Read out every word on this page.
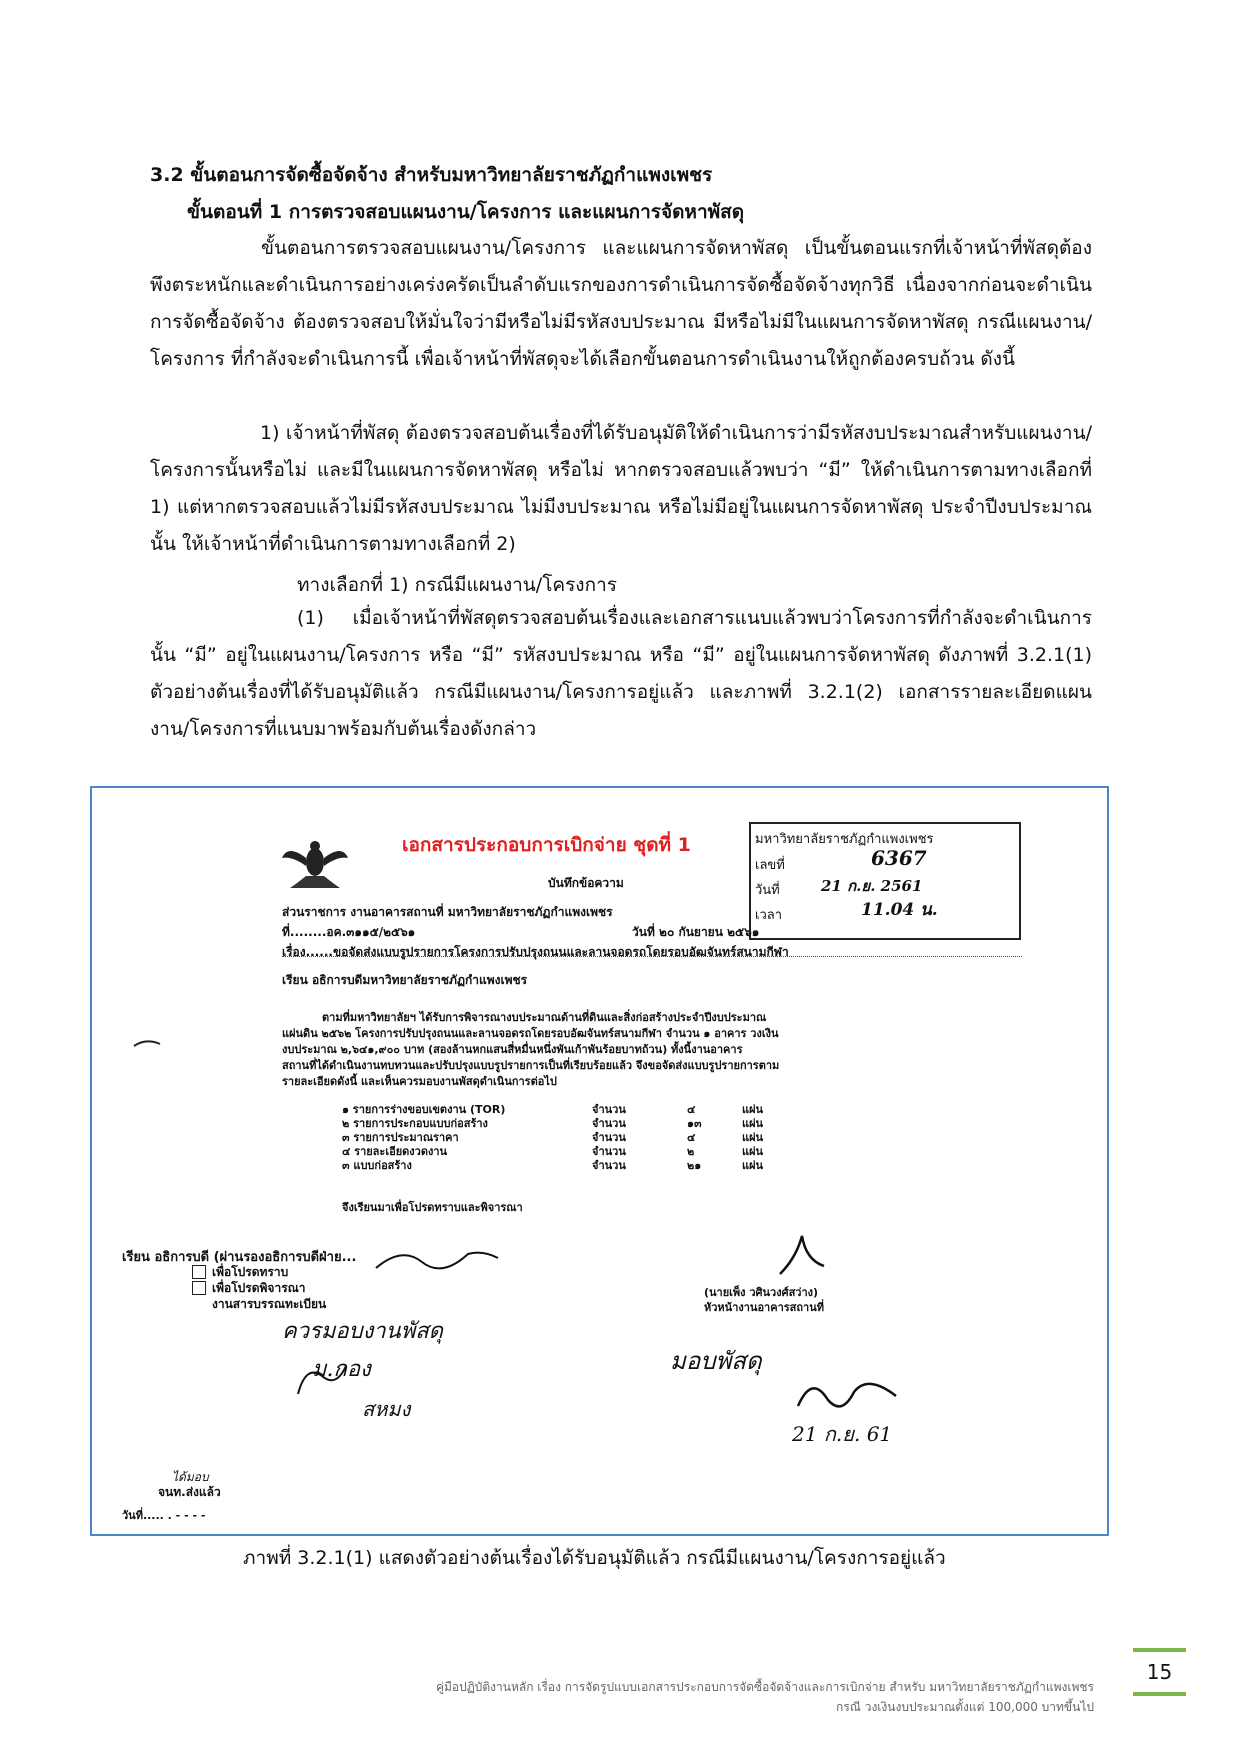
3.2 ขั้นตอนการจัดซื้อจัดจ้าง สำหรับมหาวิทยาลัยราชภัฏกำแพงเพชร
ขั้นตอนที่ 1 การตรวจสอบแผนงาน/โครงการ และแผนการจัดหาพัสดุ
ขั้นตอนการตรวจสอบแผนงาน/โครงการ และแผนการจัดหาพัสดุ เป็นขั้นตอนแรกที่เจ้าหน้าที่พัสดุต้องพึงตระหนักและดำเนินการอย่างเคร่งครัดเป็นลำดับแรกของการดำเนินการจัดซื้อจัดจ้างทุกวิธี เนื่องจากก่อนจะดำเนินการจัดซื้อจัดจ้าง ต้องตรวจสอบให้มั่นใจว่ามีหรือไม่มีรหัสงบประมาณ มีหรือไม่มีในแผนการจัดหาพัสดุ กรณีแผนงาน/โครงการ ที่กำลังจะดำเนินการนี้ เพื่อเจ้าหน้าที่พัสดุจะได้เลือกขั้นตอนการดำเนินงานให้ถูกต้องครบถ้วน ดังนี้
1) เจ้าหน้าที่พัสดุ ต้องตรวจสอบต้นเรื่องที่ได้รับอนุมัติให้ดำเนินการว่ามีรหัสงบประมาณสำหรับแผนงาน/โครงการนั้นหรือไม่ และมีในแผนการจัดหาพัสดุ หรือไม่ หากตรวจสอบแล้วพบว่า “มี” ให้ดำเนินการตามทางเลือกที่ 1) แต่หากตรวจสอบแล้วไม่มีรหัสงบประมาณ ไม่มีงบประมาณ หรือไม่มีอยู่ในแผนการจัดหาพัสดุ ประจำปีงบประมาณนั้น ให้เจ้าหน้าที่ดำเนินการตามทางเลือกที่ 2)
ทางเลือกที่ 1) กรณีมีแผนงาน/โครงการ
(1) เมื่อเจ้าหน้าที่พัสดุตรวจสอบต้นเรื่องและเอกสารแนบแล้วพบว่าโครงการที่กำลังจะดำเนินการนั้น “มี” อยู่ในแผนงาน/โครงการ หรือ “มี” รหัสงบประมาณ หรือ “มี” อยู่ในแผนการจัดหาพัสดุ ดังภาพที่ 3.2.1(1) ตัวอย่างต้นเรื่องที่ได้รับอนุมัติแล้ว กรณีมีแผนงาน/โครงการอยู่แล้ว และภาพที่ 3.2.1(2) เอกสารรายละเอียดแผนงาน/โครงการที่แนบมาพร้อมกับต้นเรื่องดังกล่าว
เอกสารประกอบการเบิกจ่าย ชุดที่ 1
บันทึกข้อความ
มหาวิทยาลัยราชภัฏกำแพงเพชร
เลขที่	6367
วันที่	21 ก.ย. 2561
เวลา	11.04 น.
ส่วนราชการ งานอาคารสถานที่ มหาวิทยาลัยราชภัฏกำแพงเพชร
ที่........อค.๓๑๑๕/๒๕๖๑	วันที่ ๒๐ กันยายน ๒๕๖๑
เรื่อง......ขอจัดส่งแบบรูปรายการโครงการปรับปรุงถนนและลานจอดรถโดยรอบอัฒจันทร์สนามกีฬา
เรียน อธิการบดีมหาวิทยาลัยราชภัฏกำแพงเพชร
ตามที่มหาวิทยาลัยฯ ได้รับการพิจารณางบประมาณด้านที่ดินและสิ่งก่อสร้างประจำปีงบประมาณ
แผ่นดิน ๒๕๖๒ โครงการปรับปรุงถนนและลานจอดรถโดยรอบอัฒจันทร์สนามกีฬา จำนวน ๑ อาคาร วงเงิน
งบประมาณ ๒,๖๔๑,๙๐๐ บาท (สองล้านหกแสนสี่หมื่นหนึ่งพันเก้าพันร้อยบาทถ้วน) ทั้งนี้งานอาคาร
สถานที่ได้ดำเนินงานทบทวนและปรับปรุงแบบรูปรายการเป็นที่เรียบร้อยแล้ว จึงขอจัดส่งแบบรูปรายการตาม
รายละเอียดดังนี้ และเห็นควรมอบงานพัสดุดำเนินการต่อไป
๑ รายการร่างขอบเขตงาน (TOR)	จำนวน	๔	แผ่น
๒ รายการประกอบแบบก่อสร้าง	จำนวน	๑๓	แผ่น
๓ รายการประมาณราคา	จำนวน	๔	แผ่น
๔ รายละเอียดงวดงาน	จำนวน	๒	แผ่น
๓ แบบก่อสร้าง	จำนวน	๒๑	แผ่น
จึงเรียนมาเพื่อโปรดทราบและพิจารณา
เรียน อธิการบดี (ผ่านรองอธิการบดีฝ่าย...
เพื่อโปรดทราบ
เพื่อโปรดพิจารณา
งานสารบรรณทะเบียน
ควรมอบงานพัสดุ
ม.กอง
สหมง
(นายเพ็ง วศินวงศ์สว่าง)
หัวหน้างานอาคารสถานที่
มอบพัสดุ
21 ก.ย. 61
ได้มอบ
จนท.ส่งแล้ว
วันที่..... . - - - -
ภาพที่ 3.2.1(1) แสดงตัวอย่างต้นเรื่องได้รับอนุมัติแล้ว กรณีมีแผนงาน/โครงการอยู่แล้ว
คู่มือปฏิบัติงานหลัก เรื่อง การจัดรูปแบบเอกสารประกอบการจัดซื้อจัดจ้างและการเบิกจ่าย สำหรับ มหาวิทยาลัยราชภัฏกำแพงเพชร
กรณี วงเงินงบประมาณตั้งแต่ 100,000 บาทขึ้นไป
15
